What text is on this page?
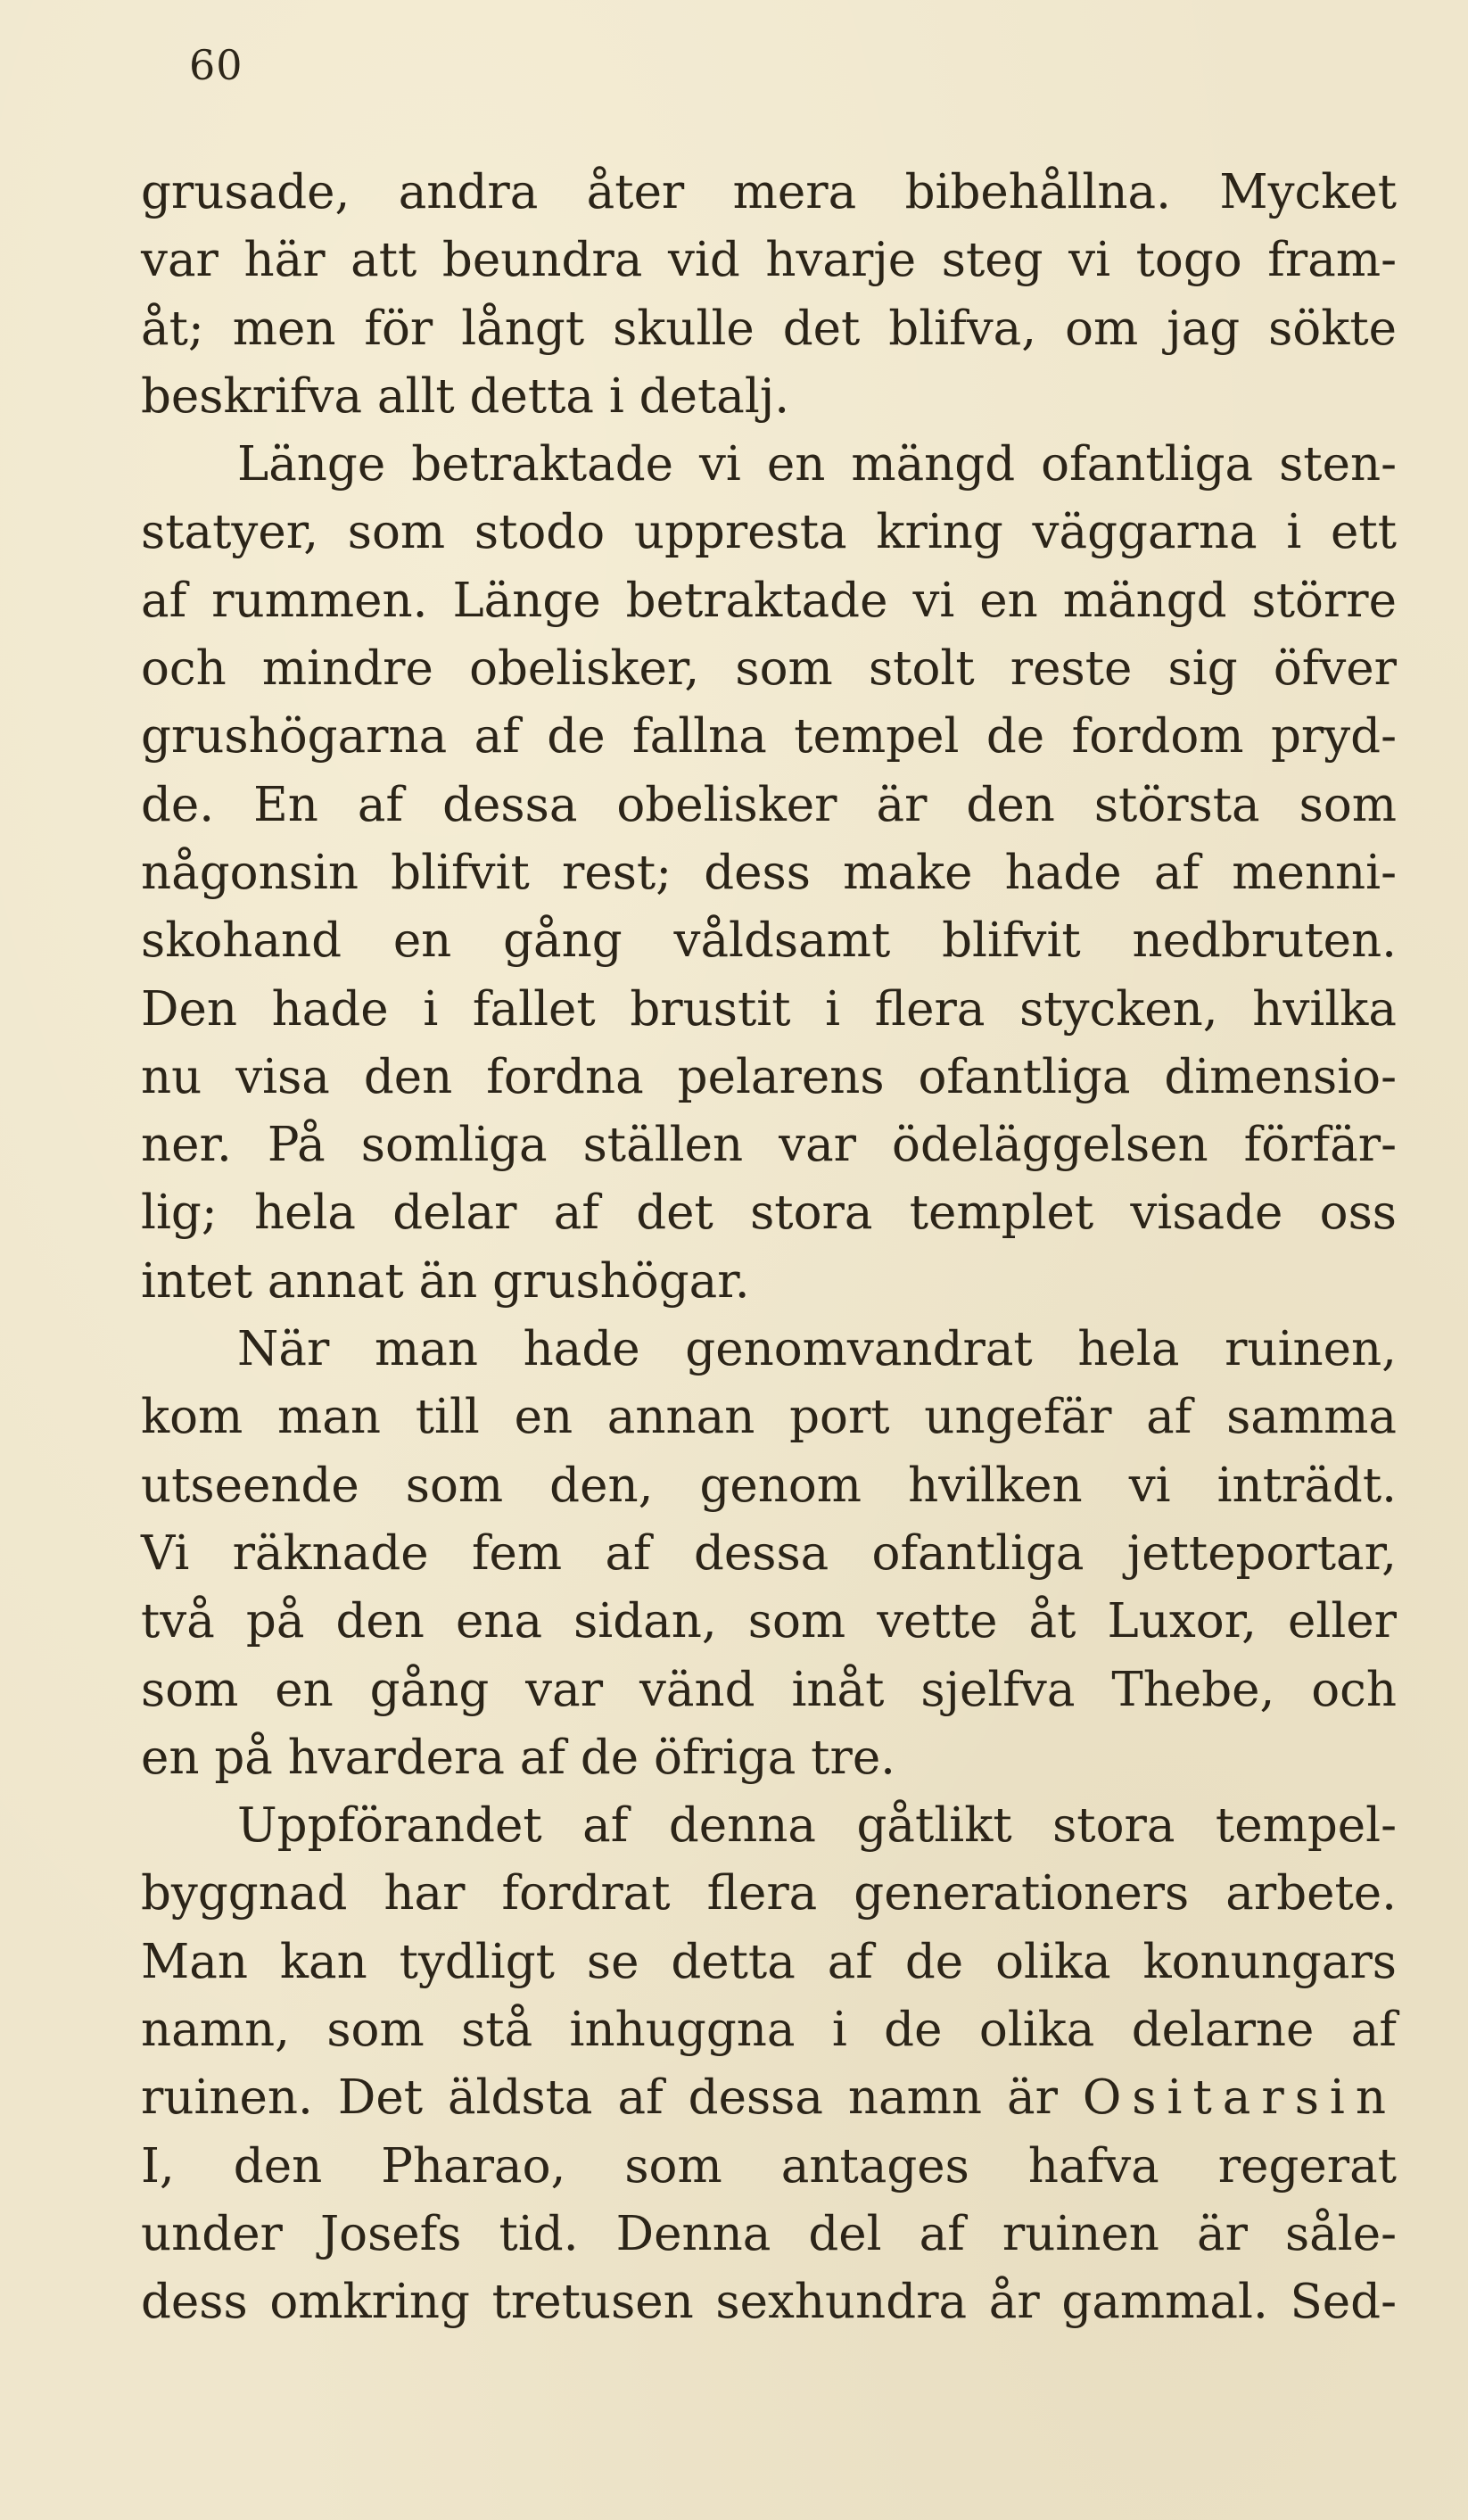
60
grusade, andra åter mera bibehållna. Mycket
var här att beundra vid hvarje steg vi togo fram-
åt; men för långt skulle det blifva, om jag sökte
beskrifva allt detta i detalj.
Länge betraktade vi en mängd ofantliga sten-
statyer, som stodo uppresta kring väggarna i ett
af rummen. Länge betraktade vi en mängd större
och mindre obelisker, som stolt reste sig öfver
grushögarna af de fallna tempel de fordom pryd-
de. En af dessa obelisker är den största som
någonsin blifvit rest; dess make hade af menni-
skohand en gång våldsamt blifvit nedbruten.
Den hade i fallet brustit i flera stycken, hvilka
nu visa den fordna pelarens ofantliga dimensio-
ner. På somliga ställen var ödeläggelsen förfär-
lig; hela delar af det stora templet visade oss
intet annat än grushögar.
När man hade genomvandrat hela ruinen,
kom man till en annan port ungefär af samma
utseende som den, genom hvilken vi inträdt.
Vi räknade fem af dessa ofantliga jetteportar,
två på den ena sidan, som vette åt Luxor, eller
som en gång var vänd inåt sjelfva Thebe, och
en på hvardera af de öfriga tre.
Uppförandet af denna gåtlikt stora tempel-
byggnad har fordrat flera generationers arbete.
Man kan tydligt se detta af de olika konungars
namn, som stå inhuggna i de olika delarne af
ruinen. Det äldsta af dessa namn är Ositarsin
I, den Pharao, som antages hafva regerat
under Josefs tid. Denna del af ruinen är såle-
dess omkring tretusen sexhundra år gammal. Sed-
